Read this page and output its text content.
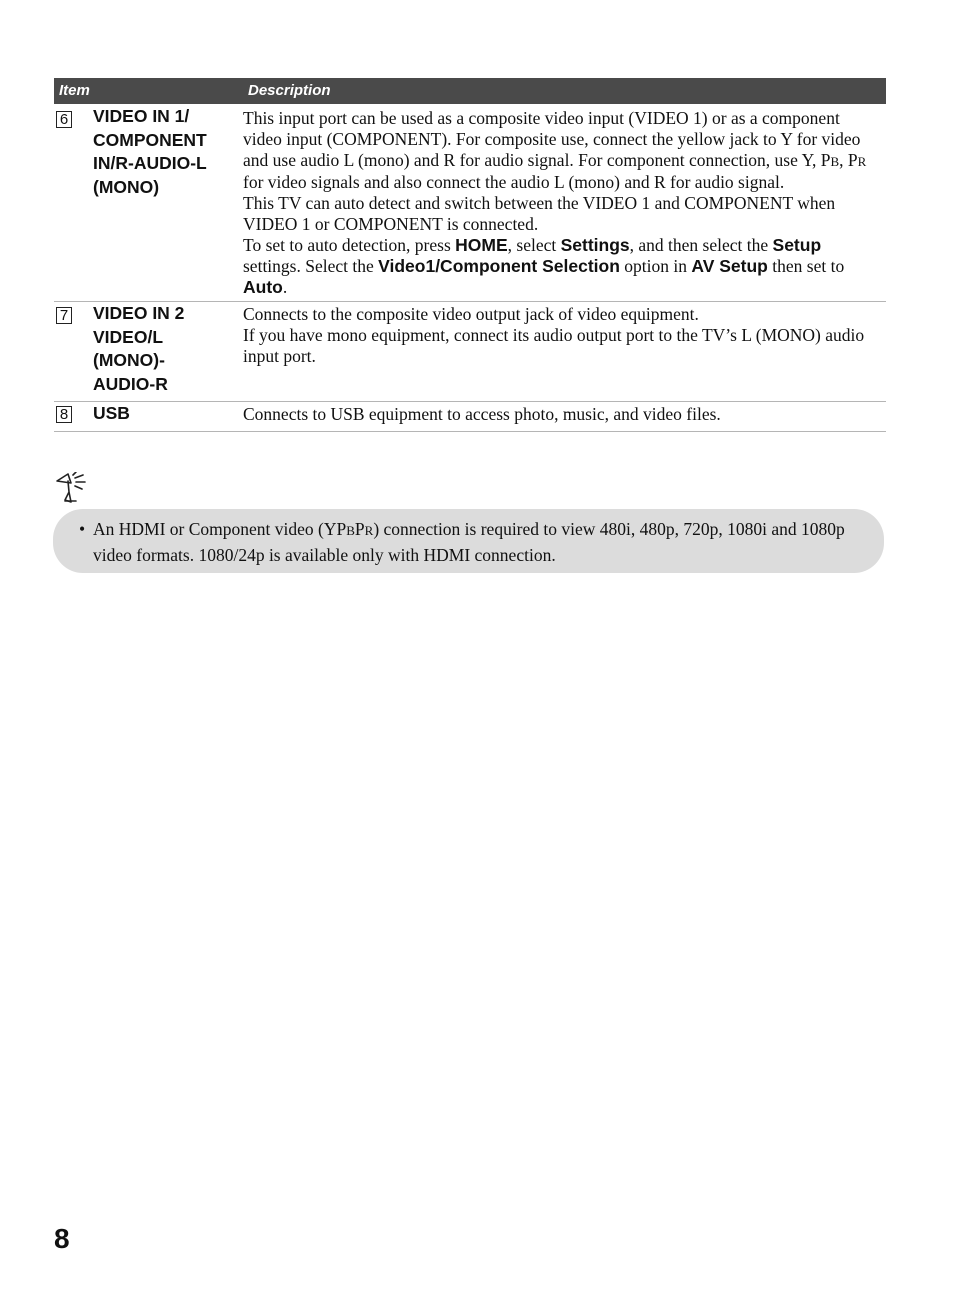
Item	Description
6 VIDEO IN 1/
COMPONENT
IN/R-AUDIO-L
(MONO)

This input port can be used as a composite video input (VIDEO 1) or as a component video input (COMPONENT). For composite use, connect the yellow jack to Y for video and use audio L (mono) and R for audio signal. For component connection, use Y, PB, PR for video signals and also connect the audio L (mono) and R for audio signal.

This TV can auto detect and switch between the VIDEO 1 and COMPONENT when VIDEO 1 or COMPONENT is connected.

To set to auto detection, press HOME, select Settings, and then select the Setup settings. Select the Video1/Component Selection option in AV Setup then set to Auto.

7 VIDEO IN 2
VIDEO/L
(MONO)-
AUDIO-R

Connects to the composite video output jack of video equipment.

If you have mono equipment, connect its audio output port to the TV’s L (MONO) audio input port.

8 USB	Connects to USB equipment to access photo, music, and video files.

• An HDMI or Component video (YPBPR) connection is required to view 480i, 480p, 720p, 1080i and 1080p video formats. 1080/24p is available only with HDMI connection.
8
